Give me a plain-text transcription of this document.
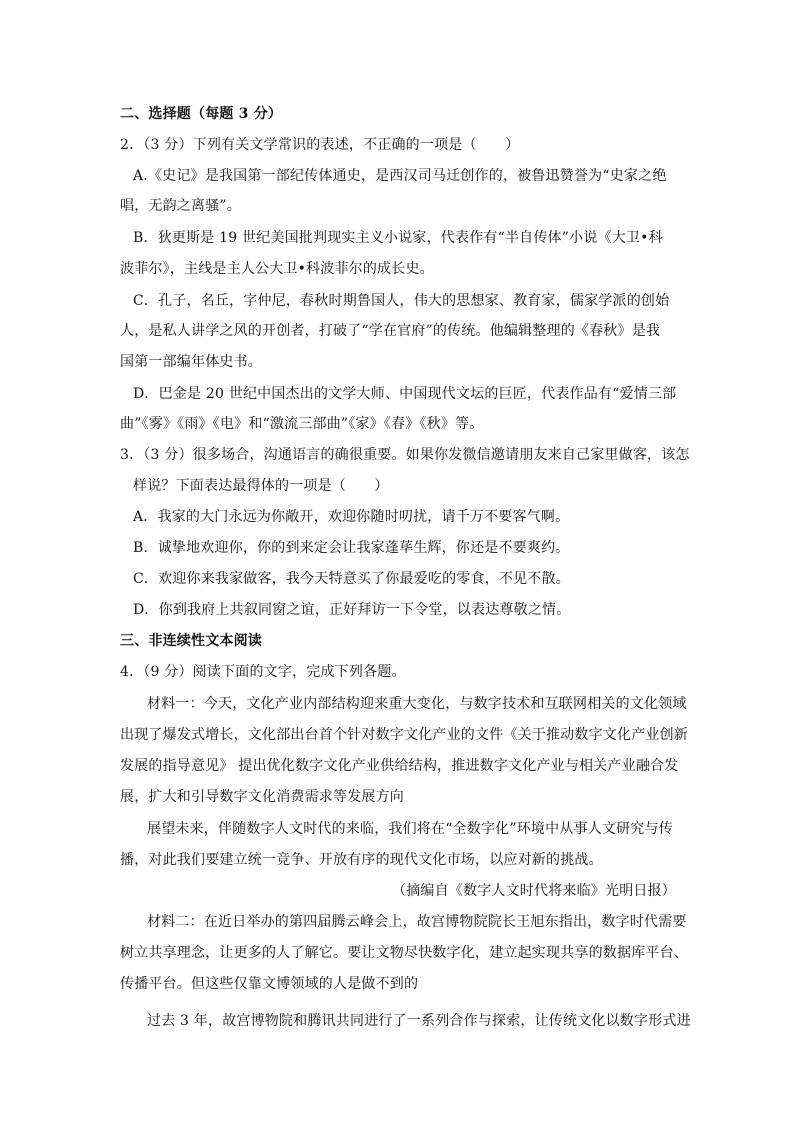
二、选择题（每题 3 分）
2．（3 分）下列有关文学常识的表述，不正确的一项是（　　）
A.《史记》是我国第一部纪传体通史，是西汉司马迁创作的，被鲁迅赞誉为“史家之绝
唱，无韵之离骚”。
B．狄更斯是 19 世纪美国批判现实主义小说家，代表作有“半自传体”小说《大卫•科
波菲尔》，主线是主人公大卫•科波菲尔的成长史。
C．孔子，名丘，字仲尼，春秋时期鲁国人，伟大的思想家、教育家，儒家学派的创始
人，是私人讲学之风的开创者，打破了“学在官府”的传统。他编辑整理的《春秋》是我
国第一部编年体史书。
D．巴金是 20 世纪中国杰出的文学大师、中国现代文坛的巨匠，代表作品有“爱情三部
曲”《雾》《雨》《电》和“激流三部曲”《家》《春》《秋》等。
3．（3 分）很多场合，沟通语言的确很重要。如果你发微信邀请朋友来自己家里做客，该怎
样说？下面表达最得体的一项是（　　）
A．我家的大门永远为你敞开，欢迎你随时叨扰，请千万不要客气啊。
B．诚挚地欢迎你，你的到来定会让我家蓬荜生辉，你还是不要爽约。
C．欢迎你来我家做客，我今天特意买了你最爱吃的零食，不见不散。
D．你到我府上共叙同窗之谊，正好拜访一下令堂，以表达尊敬之情。
三、非连续性文本阅读
4．（9 分）阅读下面的文字，完成下列各题。
材料一：今天，文化产业内部结构迎来重大变化，与数字技术和互联网相关的文化领域
出现了爆发式增长，文化部出台首个针对数字文化产业的文件《关于推动数字文化产业创新
发展的指导意见》 提出优化数字文化产业供给结构，推进数字文化产业与相关产业融合发
展，扩大和引导数字文化消费需求等发展方向
展望未来，伴随数字人文时代的来临，我们将在“全数字化”环境中从事人文研究与传
播，对此我们要建立统一竞争、开放有序的现代文化市场，以应对新的挑战。
（摘编自《数字人文时代将来临》光明日报）
材料二：在近日举办的第四届腾云峰会上，故宫博物院院长王旭东指出，数字时代需要
树立共享理念，让更多的人了解它。要让文物尽快数字化，建立起实现共享的数据库平台、
传播平台。但这些仅靠文博领域的人是做不到的
过去 3 年，故宫博物院和腾讯共同进行了一系列合作与探索，让传统文化以数字形式进
